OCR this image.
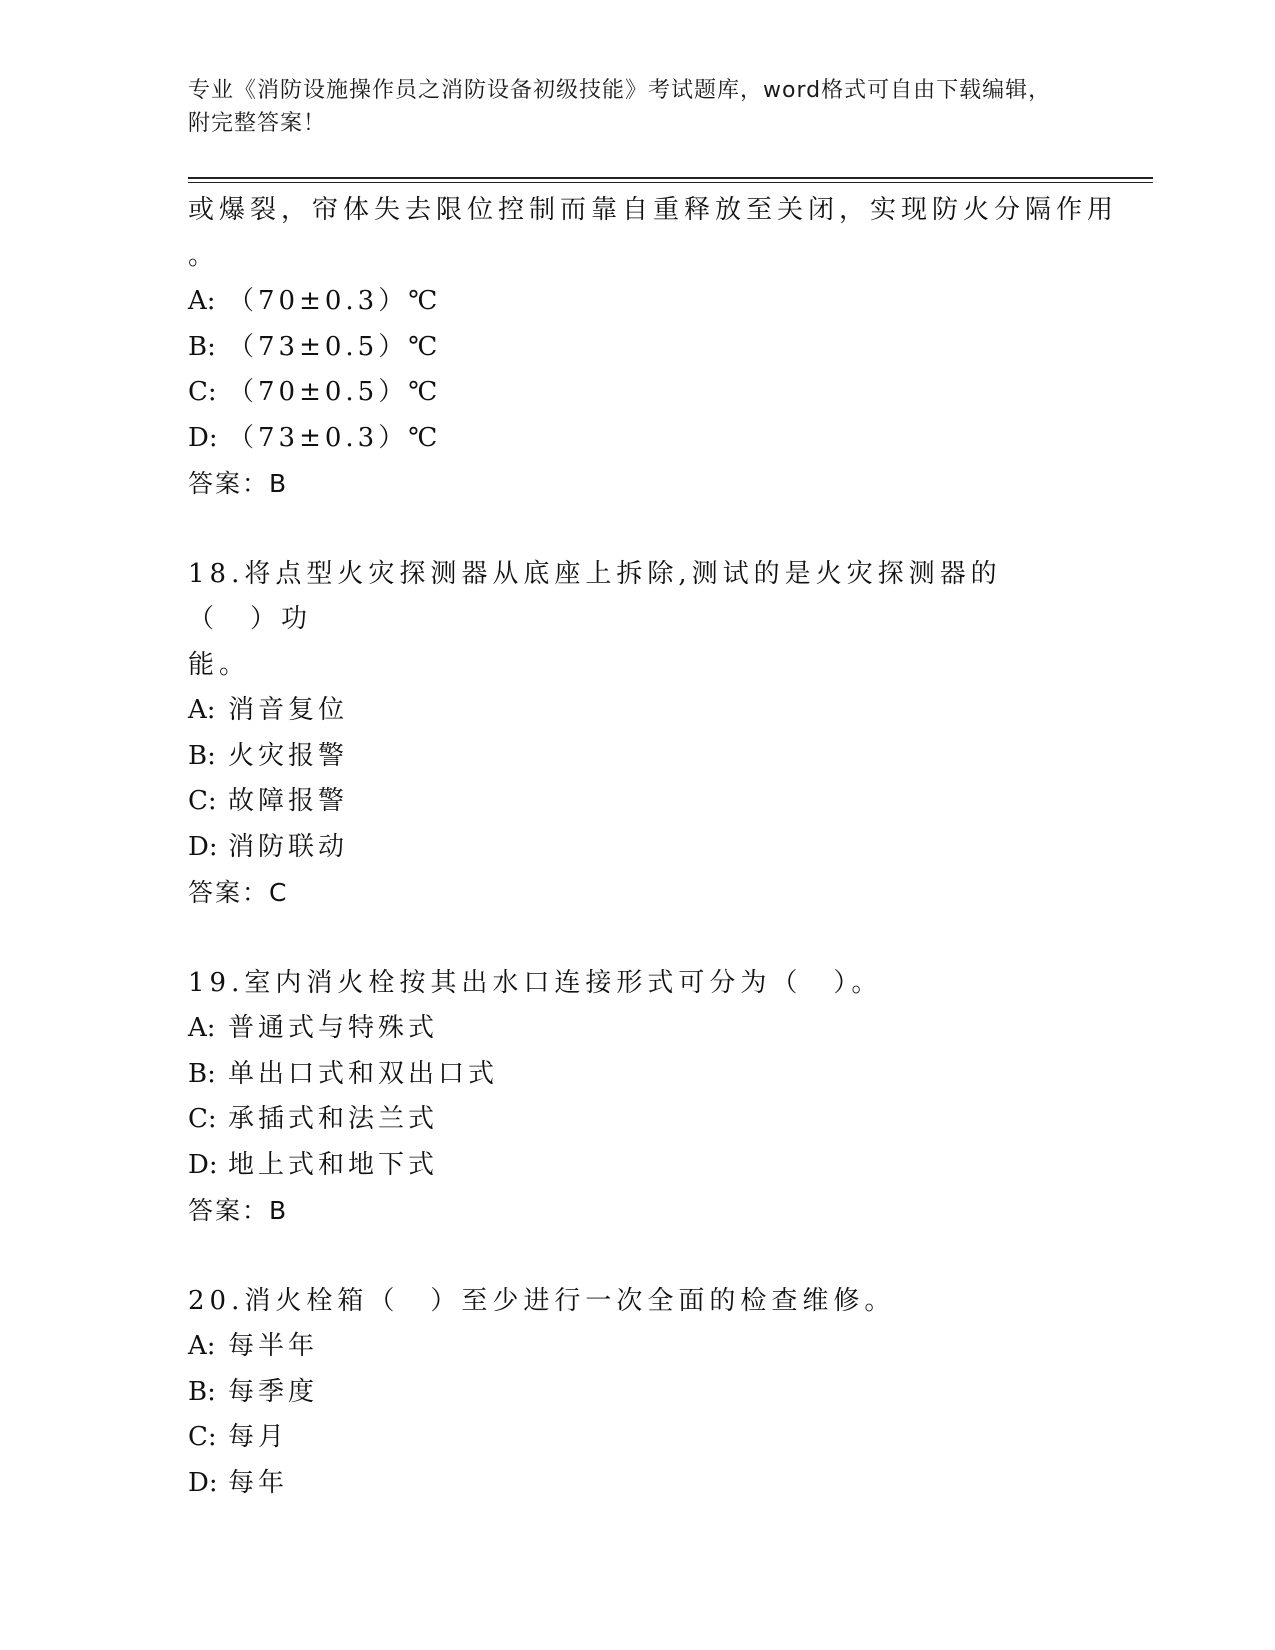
专业《消防设施操作员之消防设备初级技能》考试题库，word格式可自由下载编辑，附完整答案！
或爆裂，帘体失去限位控制而靠自重释放至关闭，实现防火分隔作用
。
A: （70±0.3）℃
B: （73±0.5）℃
C: （70±0.5）℃
D: （73±0.3）℃
答案：B
18.将点型火灾探测器从底座上拆除,测试的是火灾探测器的（　）功
能。
A: 消音复位
B: 火灾报警
C: 故障报警
D: 消防联动
答案：C
19.室内消火栓按其出水口连接形式可分为（　）。
A: 普通式与特殊式
B: 单出口式和双出口式
C: 承插式和法兰式
D: 地上式和地下式
答案：B
20.消火栓箱（　）至少进行一次全面的检查维修。
A: 每半年
B: 每季度
C: 每月
D: 每年
